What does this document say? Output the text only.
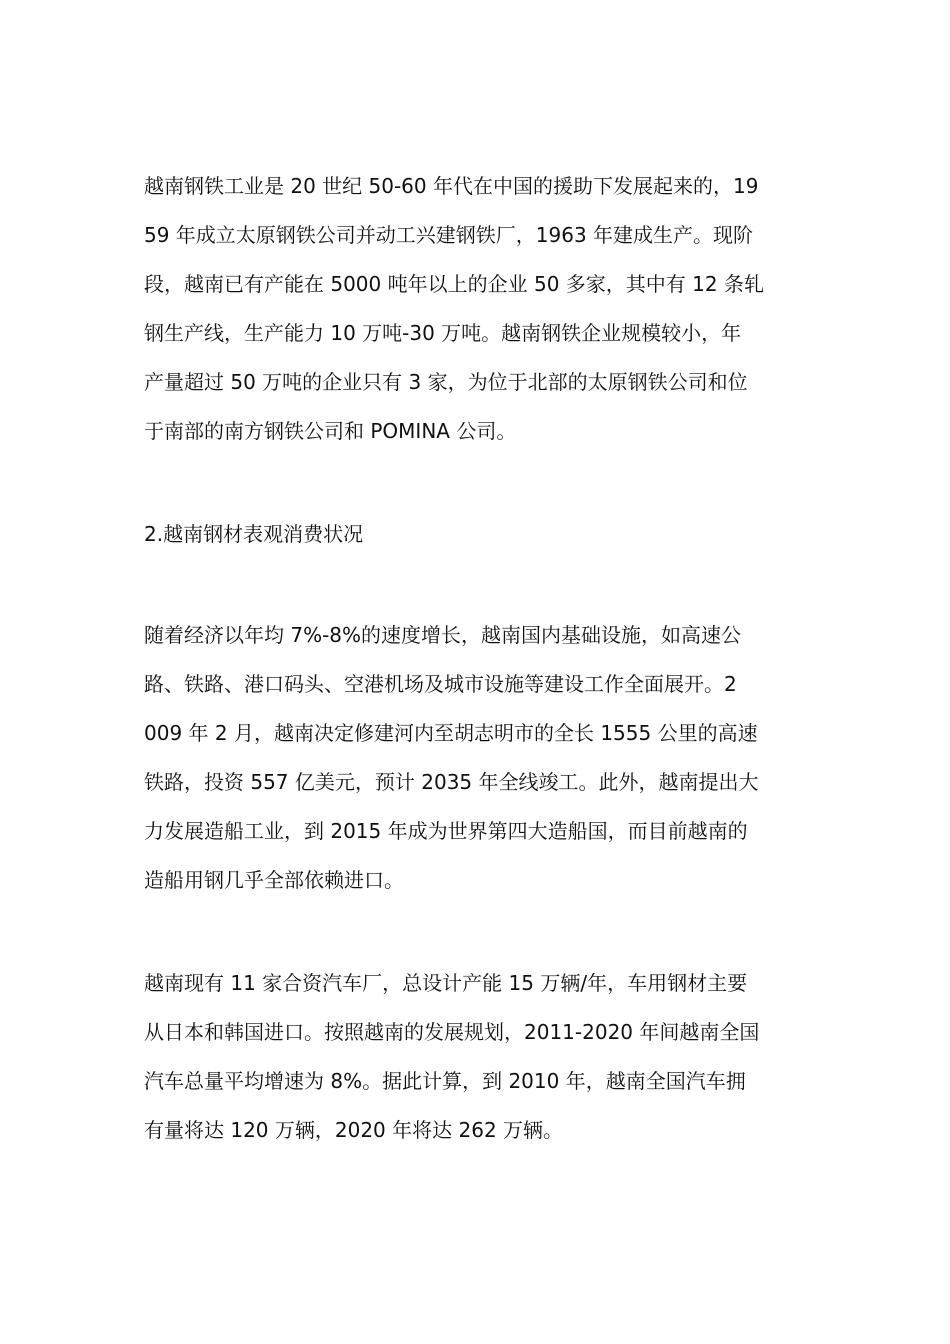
越南钢铁工业是 20 世纪 50-60 年代在中国的援助下发展起来的，19
59 年成立太原钢铁公司并动工兴建钢铁厂，1963 年建成生产。现阶
段，越南已有产能在 5000 吨年以上的企业 50 多家，其中有 12 条轧
钢生产线，生产能力 10 万吨-30 万吨。越南钢铁企业规模较小，年
产量超过 50 万吨的企业只有 3 家，为位于北部的太原钢铁公司和位
于南部的南方钢铁公司和 POMINA 公司。
2.越南钢材表观消费状况
随着经济以年均 7%-8%的速度增长，越南国内基础设施，如高速公
路、铁路、港口码头、空港机场及城市设施等建设工作全面展开。2
009 年 2 月，越南决定修建河内至胡志明市的全长 1555 公里的高速
铁路，投资 557 亿美元，预计 2035 年全线竣工。此外，越南提出大
力发展造船工业，到 2015 年成为世界第四大造船国，而目前越南的
造船用钢几乎全部依赖进口。
越南现有 11 家合资汽车厂，总设计产能 15 万辆/年，车用钢材主要
从日本和韩国进口。按照越南的发展规划，2011-2020 年间越南全国
汽车总量平均增速为 8%。据此计算，到 2010 年，越南全国汽车拥
有量将达 120 万辆，2020 年将达 262 万辆。
